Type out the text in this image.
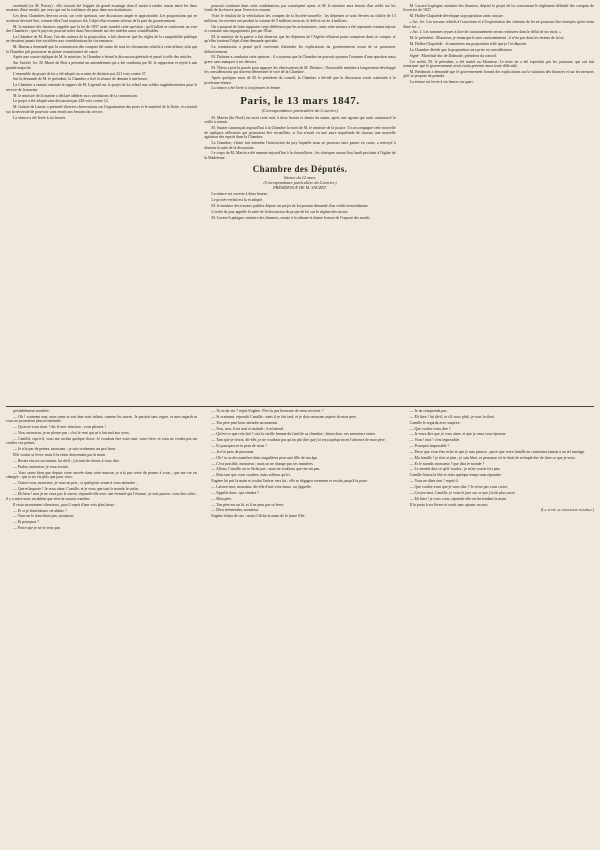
extrémité (or M. Poirey) : elle n'aurait été frappée du grand avantage dont il aurait à rendre raison entre les deux sessions d'une moitié, par ceux qui ont la confiance du pays dans nos institutions.

Les deux Chambres devront avoir, sur cette question, une discussion ample et approfondie. Les propositions qui en sortiront devront être, comme elles l'ont toujours été, l'objet d'un examen sérieux de la part du gouvernement.

M. le ministre des finances rappelle que la loi de 1837 avait tranché cette question ; qu'il fallait se conformer au vote des Chambres ; que le pays ne pouvait rester dans l'incertitude sur des intérêts aussi considérables.

La Chambre de M. Rose, l'un des auteurs de la proposition, a fait observer que les règles de la comptabilité publique ne devaient jamais être sacrifiées aux considérations de circonstance.

M. Bineau a demandé que la commission des comptes fût saisie de tous les documents relatifs à cette affaire, afin que la Chambre pût prononcer en pleine connaissance de cause.

Après une courte réplique de M. le ministre, la Chambre a fermé la discussion générale et passé à celle des articles.

Sur l'article 1er, M. Muret de Bort a présenté un amendement qui a été combattu par M. le rapporteur et rejeté à une grande majorité.

L'ensemble du projet de loi a été adopté au scrutin de division par 221 voix contre 37.

Sur la demande de M. le président, la Chambre a fixé la séance de demain à une heure.

La Chambre a ensuite entendu le rapport de M. Legentil sur le projet de loi relatif aux crédits supplémentaires pour le service de la marine.

M. le ministre de la marine a déclaré adhérer aux conclusions de la commission.

Le projet a été adopté sans discussion par 228 voix contre 12.

M. Gaston de Lansac a présenté diverses observations sur l'organisation des ports et le matériel de la flotte, et a insisté sur la nécessité de pourvoir sans retard aux besoins du service.

La séance a été levée à six heures.

pourrait continuer dans cette combinaison, par conséquent ayant, et M. le ministre aura besoin d'un crédit sur les fonds de la réserve pour l'exercice courant.

Voici le résultat de la vérification des comptes de la Société nouvelle : les dépenses se sont élevées au chiffre de 13 millions, les recettes ont produit la somme de 9 millions environ, le déficit est de 4 millions.

On a proposé de faire supporter cette différence par les actionnaires ; mais cette mesure a été repoussée comme injuste et contraire aux engagements pris par l'État.

M. le ministre de la guerre a fait observer que les dépenses de l'Algérie n'étaient point comprises dans ce compte, et qu'elles feraient l'objet d'une demande spéciale.

La commission a pensé qu'il convenait d'attendre les explications du gouvernement avant de se prononcer définitivement.

M. Dufaure a combattu cette opinion ; il a soutenu que la Chambre ne pouvait ajourner l'examen d'une question aussi grave sans manquer à ses devoirs.

M. Thiers a pris la parole pour appuyer les observations de M. Dufaure ; l'honorable membre a longuement développé les considérations qui doivent déterminer le vote de la Chambre.

Après quelques mots de M. le président du conseil, la Chambre a décidé que la discussion serait continuée à la prochaine séance.

La séance a été levée à cinq heures et demie.

Paris, le 13 mars 1847.
(Correspondance particulière du Courrier.)

M. Martin (du Nord) est mort cette nuit, à deux heures et demie du matin, après une agonie qui avait commencé la veille à minuit.

M. Sauzet s'annonçait aujourd'hui à la Chambre la mort de M. le ministre de la justice. Il a accompagné cette nouvelle de quelques réflexions qui pourraient être recueillies, si l'on n'avait vu une autre inquiétude de chacun, une nouvelle agitation des esprits dans la Chambre.

La Chambre, s'étant fait entendre l'instruction du jury laquelle nous ne pouvons faire passer en cours, a renvoyé à demain la suite de la discussion.

Le corps de M. Martin a été ramené aujourd'hui à la chancellerie ; les obsèques auront lieu lundi prochain à l'église de la Madeleine.

Chambre des Députés.
Séance du 12 mars.
(Correspondance particulière du Courrier.)
PRÉSIDENCE DE M. SAUZET.

La séance est ouverte à deux heures.

Le procès-verbal est lu et adopté.

M. le ministre des travaux publics dépose un projet de loi portant demande d'un crédit extraordinaire.

L'ordre du jour appelle la suite de la discussion du projet de loi sur le régime des sucres.

M. Lacave-Laplagne, ministre des finances, monte à la tribune et donne lecture de l'exposé des motifs.

M. Lacave-Laplagne, ministre des finances, déposé le projet de loi concernant le règlement définitif des comptes de l'exercice de 1847.

M. Hallez-Claparède développe sa proposition ainsi conçue :

« Art. 1er. Les travaux relatifs à l'ouverture et à l'exploitation des chemins de fer ne pourront être entrepris qu'en vertu d'une loi. »

« Art. 2. Les sommes reçues à titre de cautionnement seront restituées dans le délai de six mois. »

M. le président : Monsieur, je remarque le mot cautionnement ; il n'est pas dans les termes de la loi.

M. Hallez-Claparède : Je maintiens ma proposition telle que je l'ai déposée.

La Chambre décide que la proposition sera prise en considération.

Signé : Maréchal duc de Dalmatie, président du conseil.

Cet arrêté, M. le président, a été inséré au Moniteur. Le texte en a été reproduit par les journaux, qui ont fait remarquer que le gouvernement avait voulu prévenir ainsi toute difficulté.

M. Bethmont a demandé que le gouvernement fournît des explications sur la situation des finances et sur les mesures qu'il se propose de prendre.

La séance est levée à six heures un quart.

préalablement troublée.

— Oh ! vraiment non, mon cœur et son âme sont infinis, comme les autres. Je partirai sans regret, et mes regards ni vous ne pourraient plus m'atteindre.

— Qu'avez-vous donc ? dit-il avec émotion ; vous pleurez !

— Non, monsieur, je ne pleure pas ; c'est le vent qui m'a fait mal aux yeux.

— Camille, reprit-il, vous me cachez quelque chose. Je voudrais être votre ami, votre frère, et vous ne voulez pas me confier vos peines.

— Je n'ai pas de peines, monsieur ; je suis seulement un peu lasse.

Elle voulut se lever, mais il la retint doucement par la main.

— Restez encore un instant, lui dit-il ; j'ai tant de choses à vous dire.

— Parlez, monsieur, je vous écoute.

— Vous savez bien que depuis votre arrivée dans cette maison, je n'ai pas cessé de penser à vous ; que ma vie est changée ; que je ne vis plus que pour vous.

— Taisez-vous, monsieur, je vous en prie ; si quelqu'un venait à vous entendre...

— Que m'importe ! Je vous aime, Camille, et je veux que tout le monde le sache.

— Eh bien ! moi je ne veux pas le savoir, répondit-elle avec une fermeté qui l'étonna ; je suis pauvre, vous êtes riche ; il y a entre nous un abîme que rien ne saurait combler.

Il resta un moment silencieux, puis il reprit d'une voix plus basse :

— Et si je franchissais cet abîme ?

— Vous ne le franchirez pas, monsieur.

— Et pourquoi ?

— Parce que je ne le veux pas.

— Tu as du vin ? reprit Eugène. N'es-tu pas heureuse de nous recevoir ?

— Si vraiment, répondit Camille ; mais il se fait tard, et je dois retourner auprès de mon père.

— Ton père peut bien attendre un moment.

— Non, non, il est seul et malade ; il m'attend.

— Qu'est-ce que cela fait ? cria la vieille femme du fond de sa chambre ; laisse donc ces messieurs entrer.

— Tant que je vivrai, dit-elle, je ne voudrais pas qu'on pût dire que j'ai reçu quelqu'un en l'absence de mon père.

— Et pourquoi as-tu peur de nous ?

— Je n'ai peur de personne.

— Oh ! tu as des manières bien singulières pour une fille de ton âge.

— C'est possible, monsieur ; mais on ne change pas ses manières.

— Allons, Camille, ne te fâche pas ; nous ne voulions que rire un peu.

— Riez tant que vous voudrez, mais ailleurs qu'ici.

Eugène lui prit la main et voulut l'attirer vers lui ; elle se dégagea vivement et recula jusqu'à la porte.

— Laissez-moi, monsieur, dit-elle d'une voix émue, ou j'appelle.

— Appelle donc, qui viendra ?

— Mon père.

— Ton père est au lit, et il ne peut pas se lever.

— Dieu m'entendra, monsieur.

Eugène éclata de rire ; mais il lâcha la main de la jeune fille.

— Je ne comprends pas.

— Eh bien ! lui dit-il, et s'il vous plaît, je vous le dirai.

Camille le regarda avec surprise.

— Que voulez-vous dire ?

— Je veux dire que je vous aime, et que je veux vous épouser.

— Vous ! moi ! c'est impossible.

— Pourquoi impossible ?

— Parce que vous êtes riche et que je suis pauvre ; parce que votre famille ne consentira jamais à un tel mariage.

— Ma famille ! je n'en ai plus ; je suis libre, et personne n'a le droit de m'empêcher de faire ce que je veux.

— Et le monde, monsieur ? que dira le monde ?

— Le monde dira ce qu'il voudra ; je m'en soucie fort peu.

Camille baissa la tête et resta quelque temps sans répondre.

— Vous ne dites rien ? reprit-il.

— Que voulez-vous que je vous dise ? Je n'ose pas vous croire.

— Croyez-moi, Camille, je vous le jure sur ce que j'ai de plus sacré.

— Eh bien ! je vous crois, répondit-elle en lui tendant la main.

Il la porta à ses lèvres et sortit sans ajouter un mot.

(La suite au prochain numéro.)
